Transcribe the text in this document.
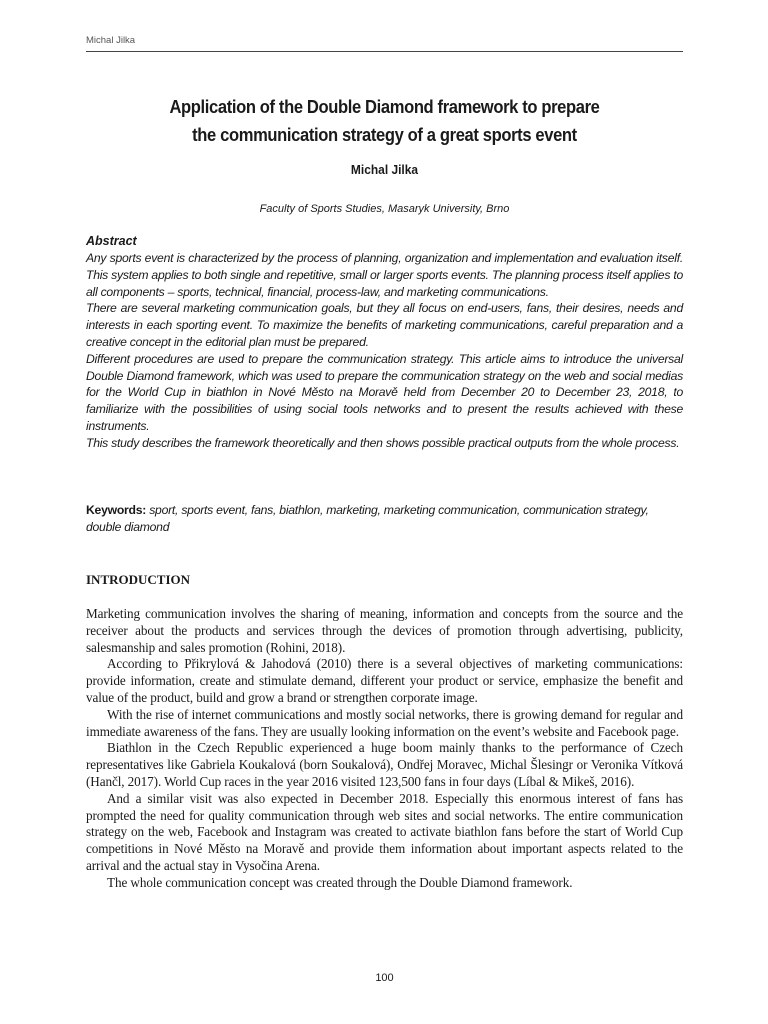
Michal Jilka
Application of the Double Diamond framework to prepare
the communication strategy of a great sports event
Michal Jilka
Faculty of Sports Studies, Masaryk University, Brno
Abstract

Any sports event is characterized by the process of planning, organization and implementation and evaluation itself. This system applies to both single and repetitive, small or larger sports events. The planning process itself applies to all components – sports, technical, financial, process-law, and marketing communications.

There are several marketing communication goals, but they all focus on end-users, fans, their desires, needs and interests in each sporting event. To maximize the benefits of marketing communications, careful preparation and a creative concept in the editorial plan must be prepared.

Different procedures are used to prepare the communication strategy. This article aims to introduce the universal Double Diamond framework, which was used to prepare the communication strategy on the web and social medias for the World Cup in biathlon in Nové Město na Moravě held from December 20 to December 23, 2018, to familiarize with the possibilities of using social tools networks and to present the results achieved with these instruments.

This study describes the framework theoretically and then shows possible practical outputs from the whole process.

Keywords: sport, sports event, fans, biathlon, marketing, marketing communication, communication strategy, double diamond
INTRODUCTION

Marketing communication involves the sharing of meaning, information and concepts from the source and the receiver about the products and services through the devices of promotion through advertising, publicity, salesmanship and sales promotion (Rohini, 2018).

According to Přikrylová & Jahodová (2010) there is a several objectives of marketing communications: provide information, create and stimulate demand, different your product or service, emphasize the benefit and value of the product, build and grow a brand or strengthen corporate image.

With the rise of internet communications and mostly social networks, there is growing demand for regular and immediate awareness of the fans. They are usually looking information on the event’s website and Facebook page.

Biathlon in the Czech Republic experienced a huge boom mainly thanks to the performance of Czech representatives like Gabriela Koukalová (born Soukalová), Ondřej Moravec, Michal Šlesingr or Veronika Vítková (Hančl, 2017). World Cup races in the year 2016 visited 123,500 fans in four days (Líbal & Mikeš, 2016).

And a similar visit was also expected in December 2018. Especially this enormous interest of fans has prompted the need for quality communication through web sites and social networks. The entire communication strategy on the web, Facebook and Instagram was created to activate biathlon fans before the start of World Cup competitions in Nové Město na Moravě and provide them information about important aspects related to the arrival and the actual stay in Vysočina Arena.

The whole communication concept was created through the Double Diamond framework.

100
